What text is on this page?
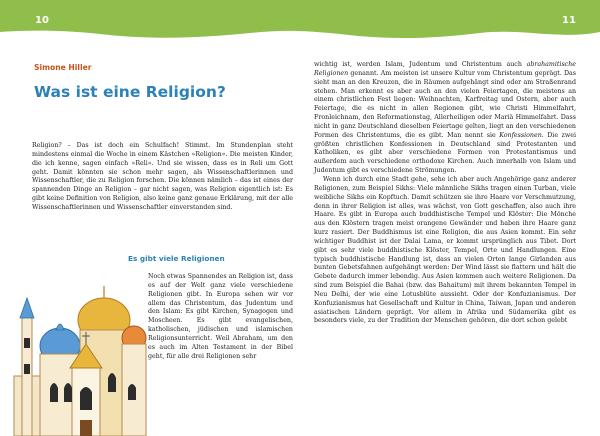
10	11
Simone Hiller
Was ist eine Religion?

Religion? – Das ist doch ein Schulfach! Stimmt. Im Stundenplan steht mindestens einmal die Woche in einem Kästchen »Religion«. Die meisten Kinder, die ich kenne, sagen einfach »Reli«. Und sie wissen, dass es in Reli um Gott geht. Damit könnten sie schon mehr sagen, als Wissenschaftlerinnen und Wissenschaftler, die zu Religion forschen. Die können nämlich – das ist eines der spannenden Dinge an Religion – gar nicht sagen, was Religion eigentlich ist: Es gibt keine Definition von Religion, also keine ganz genaue Erklärung, mit der alle Wissenschaftlerinnen und Wissenschaftler einverstanden sind.

Es gibt viele Religionen

Noch etwas Spannendes an Religion ist, dass es auf der Welt ganz viele verschiedene Religionen gibt. In Europa sehen wir vor allem das Christentum, das Judentum und den Islam: Es gibt Kirchen, Synagogen und Moscheen. Es gibt evangelischen, katholischen, jüdischen und islamischen Religionsunterricht. Weil Abraham, um den es auch im Alten Testament in der Bibel geht, für alle drei Religionen sehr

wichtig ist, werden Islam, Judentum und Christentum auch abrahamitische Religionen genannt. Am meisten ist unsere Kultur vom Christentum geprägt. Das sieht man an den Kreuzen, die in Räumen aufgehängt sind oder am Straßenrand stehen. Man erkennt es aber auch an den vielen Feiertagen, die meistens an einem christlichen Fest liegen: Weihnachten, Karfreitag und Ostern, aber auch Feiertage, die es nicht in allen Regionen gibt, wie Christi Himmelfahrt, Fronleichnam, den Reformationstag, Allerheiligen oder Mariä Himmelfahrt. Dass nicht in ganz Deutschland dieselben Feiertage gelten, liegt an den verschiedenen Formen des Christentums, die es gibt. Man nennt sie Konfessionen. Die zwei größten christlichen Konfessionen in Deutschland sind Protestanten und Katholiken, es gibt aber verschiedene Formen von Protestantismus und außerdem auch verschiedene orthodoxe Kirchen. Auch innerhalb von Islam und Judentum gibt es verschiedene Strömungen.

Wenn ich durch eine Stadt gehe, sehe ich aber auch Angehörige ganz anderer Religionen, zum Beispiel Sikhs: Viele männliche Sikhs tragen einen Turban, viele weibliche Sikhs ein Kopftuch. Damit schützen sie ihre Haare vor Verschmutzung, denn in ihrer Religion ist alles, was wächst, von Gott geschaffen, also auch ihre Haare. Es gibt in Europa auch buddhistische Tempel und Klöster: Die Mönche aus den Klöstern tragen meist orangene Gewänder und haben ihre Haare ganz kurz rasiert. Der Buddhismus ist eine Religion, die aus Asien kommt. Ein sehr wichtiger Buddhist ist der Dalai Lama, er kommt ursprünglich aus Tibet. Dort gibt es sehr viele buddhistische Klöster, Tempel, Orte und Handlungen. Eine typisch buddhistische Handlung ist, dass an vielen Orten lange Girlanden aus bunten Gebetsfahnen aufgehängt werden: Der Wind lässt sie flattern und hält die Gebete dadurch immer lebendig. Aus Asien kommen auch weitere Religionen. Da sind zum Beispiel die Bahai (bzw. das Bahaitum) mit ihrem bekannten Tempel in Neu Delhi, der wie eine Lotusblüte aussieht. Oder der Konfuzianismus. Der Konfuzianismus hat Gesellschaft und Kultur in China, Taiwan, Japan und anderen asiatischen Ländern geprägt. Vor allem in Afrika und Südamerika gibt es besonders viele, zu der Tradition der Menschen gehören, die dort schon gelebt
